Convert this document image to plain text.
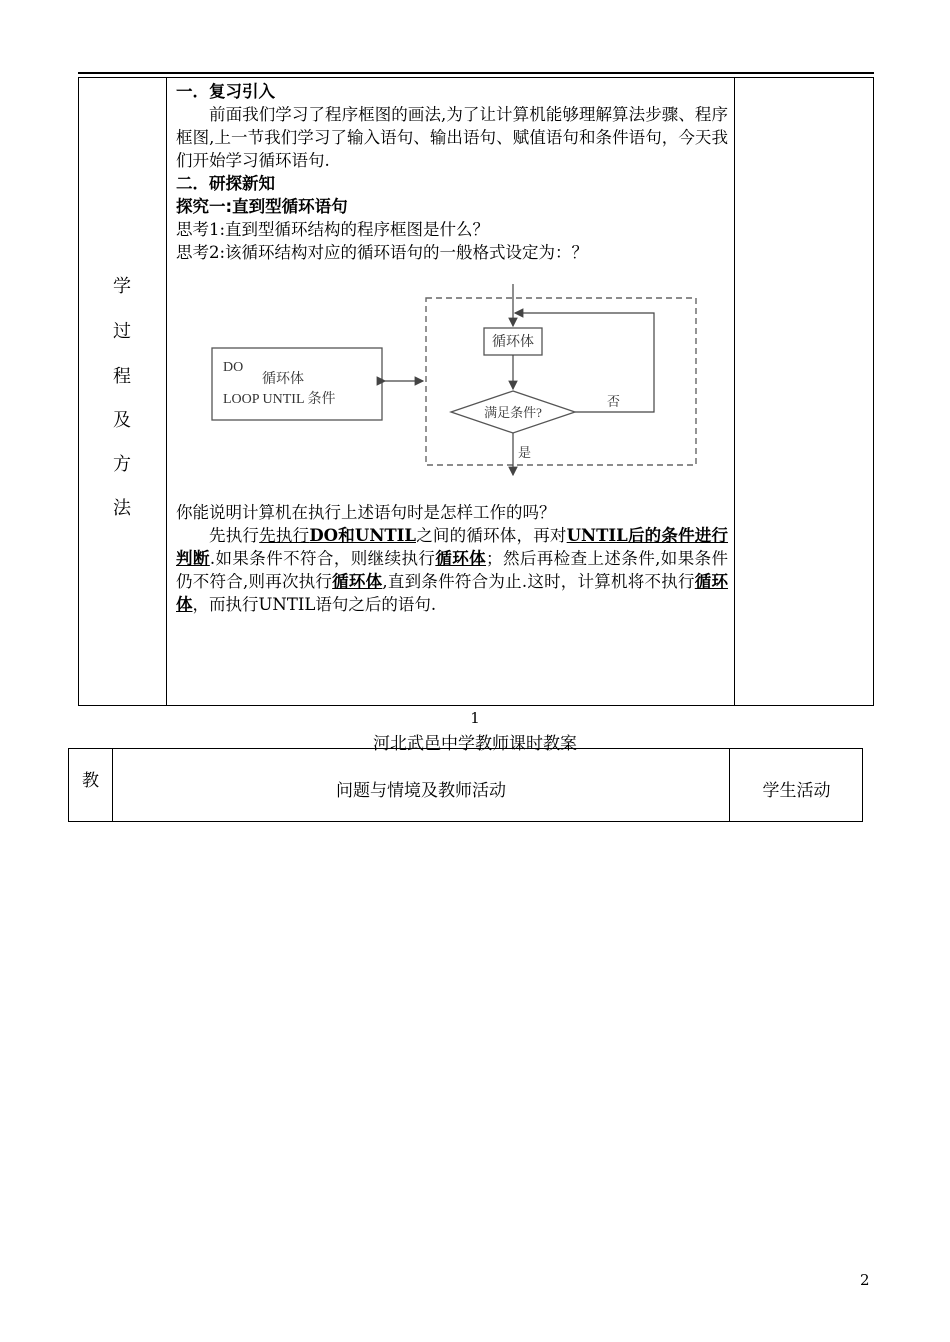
学
过
程
及
方
法

一．复习引入

前面我们学习了程序框图的画法,为了让计算机能够理解算法步骤、程序框图,上一节我们学习了输入语句、输出语句、赋值语句和条件语句，今天我们开始学习循环语句.

二．研探新知

探究一:直到型循环语句

思考1:直到型循环结构的程序框图是什么？

思考2:该循环结构对应的循环语句的一般格式设定为：？

DO
循环体
LOOP UNTIL 条件
循环体
满足条件?
否
是

你能说明计算机在执行上述语句时是怎样工作的吗？

先执行先执行DO和UNTIL之间的循环体，再对UNTIL后的条件进行判断.如果条件不符合，则继续执行循环体；然后再检查上述条件,如果条件仍不符合,则再次执行循环体,直到条件符合为止.这时，计算机将不执行循环体，而执行UNTIL语句之后的语句.

1
河北武邑中学教师课时教案
教	问题与情境及教师活动	学生活动
2
